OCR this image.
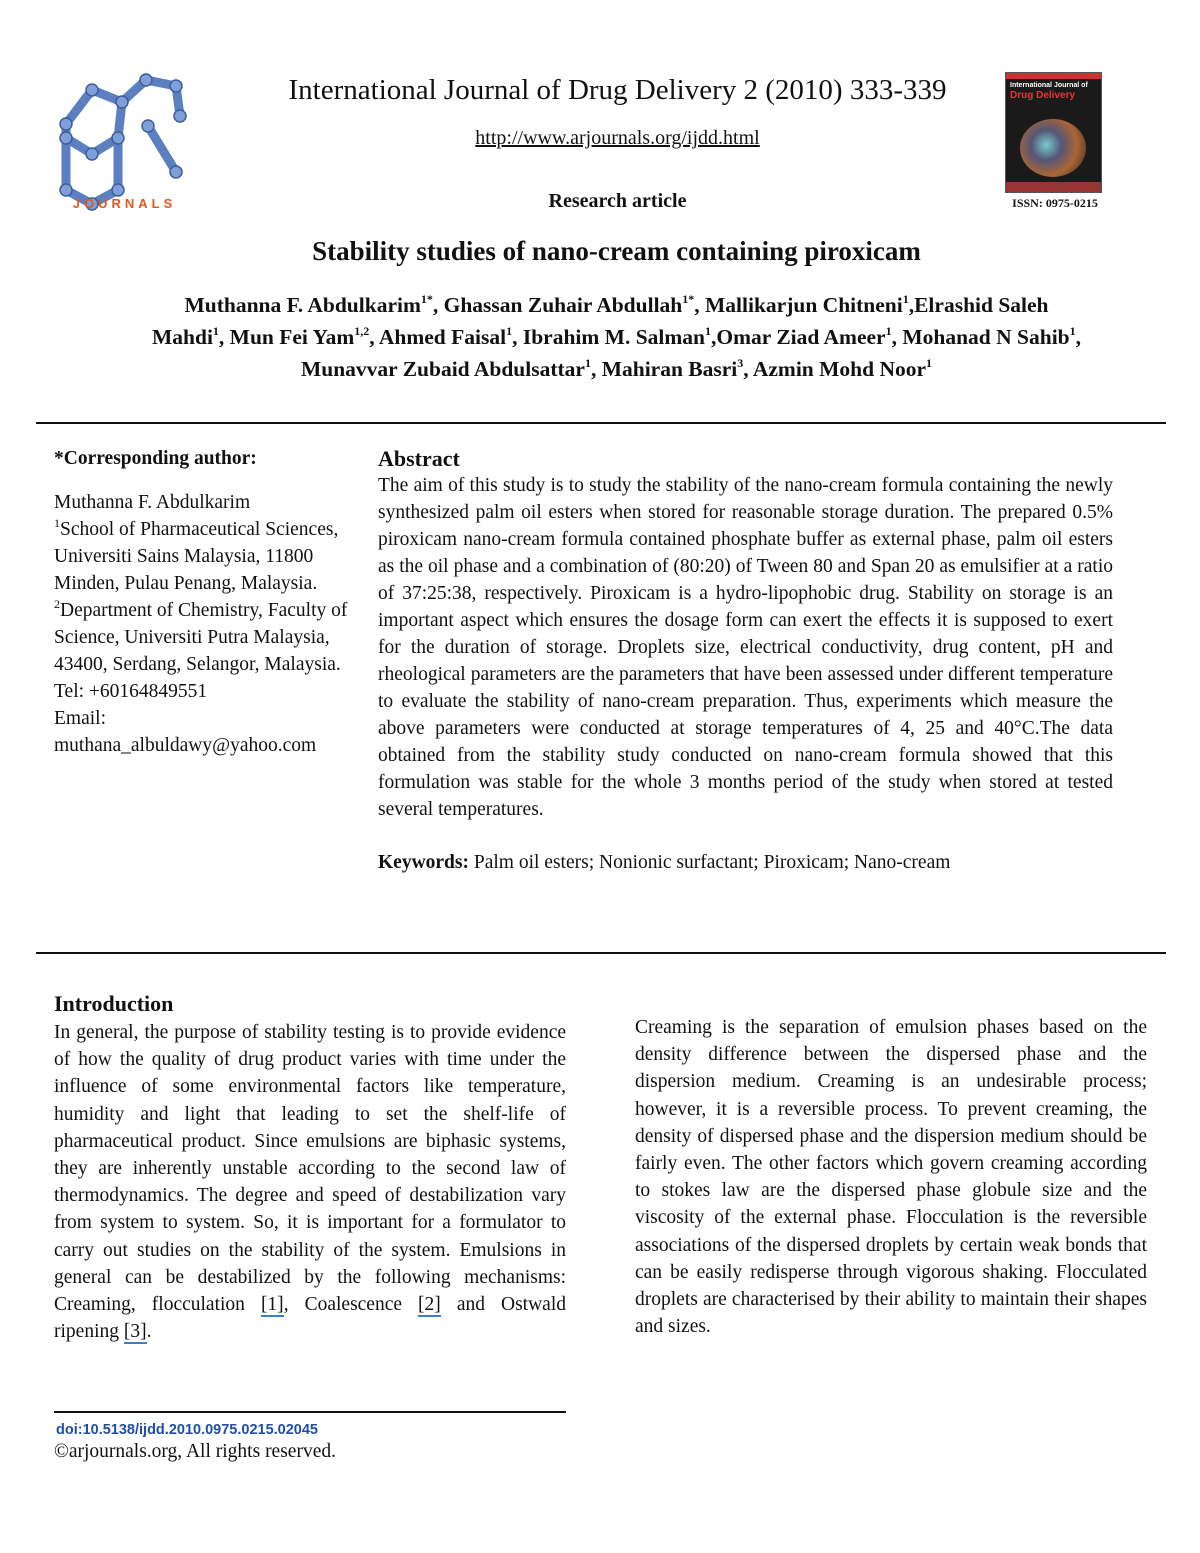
JOURNALS
International Journal of Drug Delivery 2 (2010) 333-339
http://www.arjournals.org/ijdd.html
Research article
International Journal of
Drug Delivery
ISSN: 0975-0215
Stability studies of nano-cream containing piroxicam
Muthanna F. Abdulkarim$^{1*}$, Ghassan Zuhair Abdullah$^{1*}$, Mallikarjun Chitneni$^1$,Elrashid Saleh Mahdi$^1$, Mun Fei Yam$^{1,2}$, Ahmed Faisal$^1$, Ibrahim M. Salman$^1$,Omar Ziad Ameer$^1$, Mohanad N Sahib$^1$, Munavvar Zubaid Abdulsattar$^1$, Mahiran Basri$^3$, Azmin Mohd Noor$^1$
*Corresponding author:
Muthanna F. Abdulkarim
$^1$School of Pharmaceutical Sciences, Universiti Sains Malaysia, 11800 Minden, Pulau Penang, Malaysia.
$^2$Department of Chemistry, Faculty of Science, Universiti Putra Malaysia, 43400, Serdang, Selangor, Malaysia.
Tel: +60164849551
Email:
muthana_albuldawy@yahoo.com
Abstract
The aim of this study is to study the stability of the nano-cream formula containing the newly synthesized palm oil esters when stored for reasonable storage duration. The prepared 0.5% piroxicam nano-cream formula contained phosphate buffer as external phase, palm oil esters as the oil phase and a combination of (80:20) of Tween 80 and Span 20 as emulsifier at a ratio of 37:25:38, respectively. Piroxicam is a hydro-lipophobic drug. Stability on storage is an important aspect which ensures the dosage form can exert the effects it is supposed to exert for the duration of storage. Droplets size, electrical conductivity, drug content, pH and rheological parameters are the parameters that have been assessed under different temperature to evaluate the stability of nano-cream preparation. Thus, experiments which measure the above parameters were conducted at storage temperatures of 4, 25 and 40°C.The data obtained from the stability study conducted on nano-cream formula showed that this formulation was stable for the whole 3 months period of the study when stored at tested several temperatures.
Keywords: Palm oil esters; Nonionic surfactant; Piroxicam; Nano-cream
Introduction
In general, the purpose of stability testing is to provide evidence of how the quality of drug product varies with time under the influence of some environmental factors like temperature, humidity and light that leading to set the shelf-life of pharmaceutical product. Since emulsions are biphasic systems, they are inherently unstable according to the second law of thermodynamics. The degree and speed of destabilization vary from system to system. So, it is important for a formulator to carry out studies on the stability of the system. Emulsions in general can be destabilized by the following mechanisms: Creaming, flocculation [1], Coalescence [2] and Ostwald ripening [3].
Creaming is the separation of emulsion phases based on the density difference between the dispersed phase and the dispersion medium. Creaming is an undesirable process; however, it is a reversible process. To prevent creaming, the density of dispersed phase and the dispersion medium should be fairly even. The other factors which govern creaming according to stokes law are the dispersed phase globule size and the viscosity of the external phase. Flocculation is the reversible associations of the dispersed droplets by certain weak bonds that can be easily redisperse through vigorous shaking. Flocculated droplets are characterised by their ability to maintain their shapes and sizes.
doi:10.5138/ijdd.2010.0975.0215.02045
©arjournals.org, All rights reserved.
